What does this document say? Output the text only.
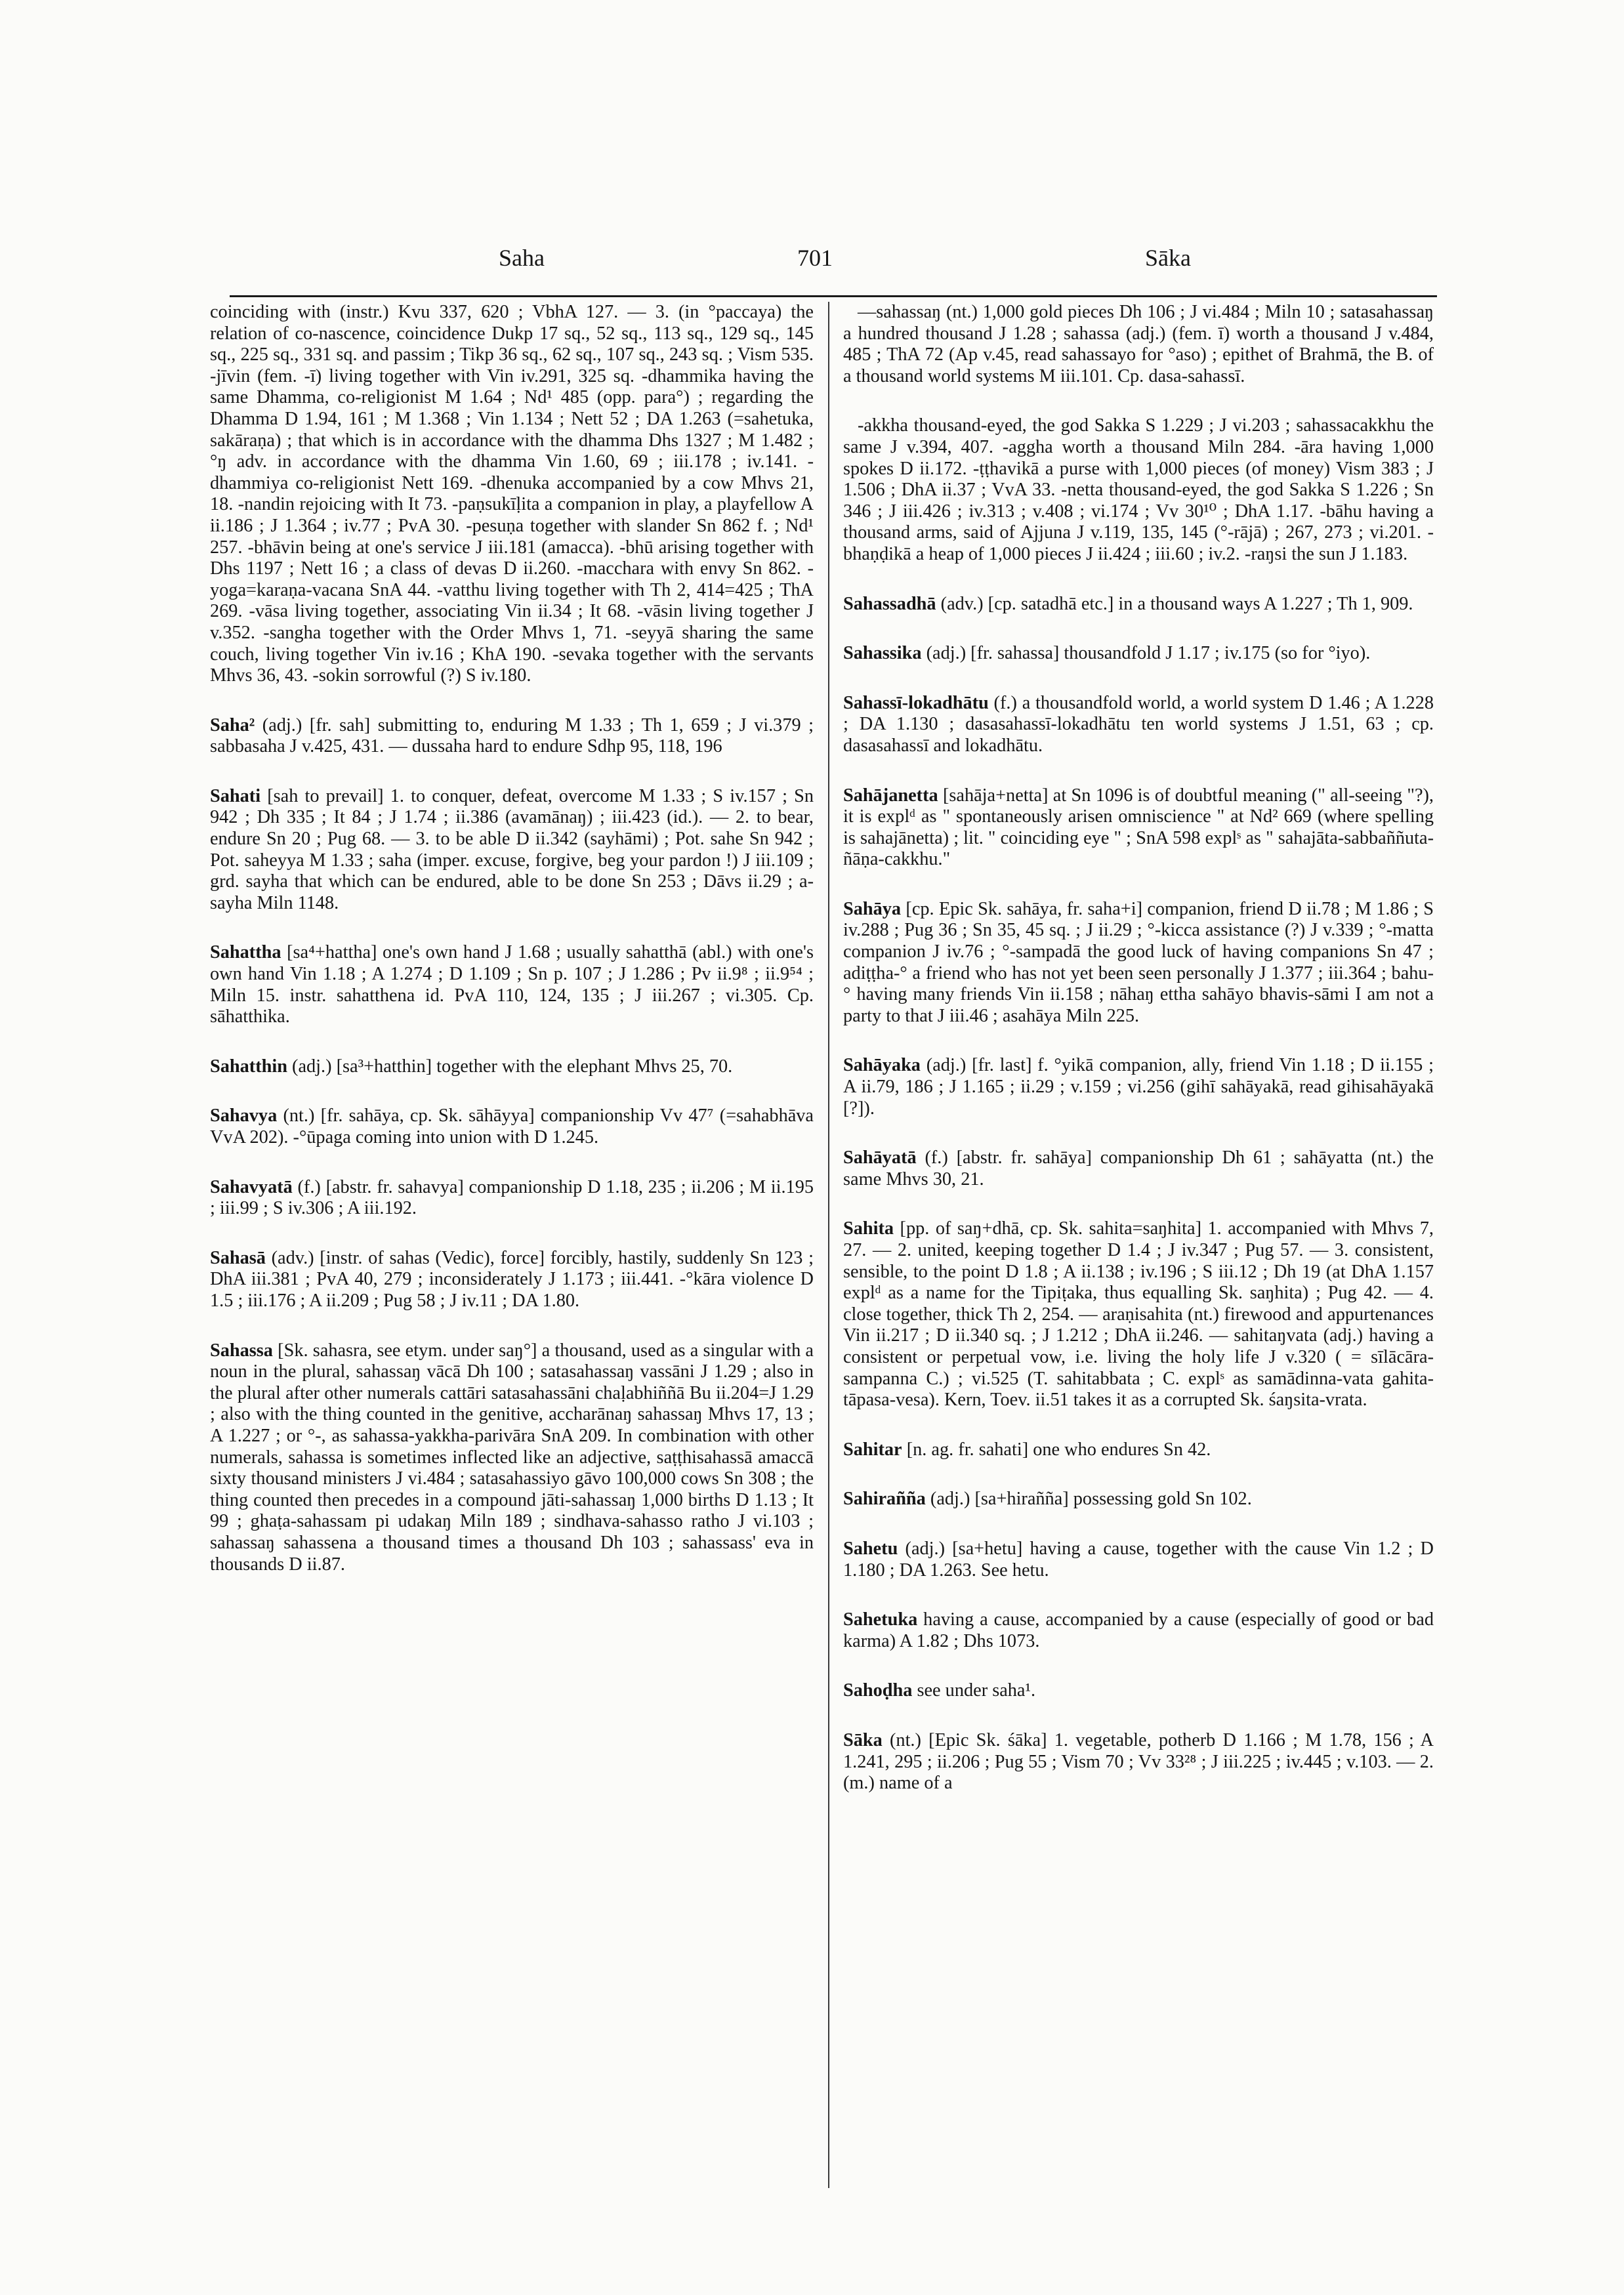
Saha	701	Sāka

coinciding with (instr.) Kvu 337, 620 ; VbhA 127. — 3. (in °paccaya) the relation of co-nascence, coincidence Dukp 17 sq., 52 sq., 113 sq., 129 sq., 145 sq., 225 sq., 331 sq. and passim ; Tikp 36 sq., 62 sq., 107 sq., 243 sq. ; Vism 535. -jīvin (fem. -ī) living together with Vin iv.291, 325 sq. -dhammika having the same Dhamma, co-religionist M 1.64 ; Nd¹ 485 (opp. para°) ; regarding the Dhamma D 1.94, 161 ; M 1.368 ; Vin 1.134 ; Nett 52 ; DA 1.263 (=sahetuka, sakāraṇa) ; that which is in accordance with the dhamma Dhs 1327 ; M 1.482 ; °ŋ adv. in accordance with the dhamma Vin 1.60, 69 ; iii.178 ; iv.141. -dhammiya co-religionist Nett 169. -dhenuka accompanied by a cow Mhvs 21, 18. -nandin rejoicing with It 73. -paṇsukīḷita a companion in play, a playfellow A ii.186 ; J 1.364 ; iv.77 ; PvA 30. -pesuṇa together with slander Sn 862 f. ; Nd¹ 257. -bhāvin being at one's service J iii.181 (amacca). -bhū arising together with Dhs 1197 ; Nett 16 ; a class of devas D ii.260. -macchara with envy Sn 862. -yoga=karaṇa-vacana SnA 44. -vatthu living together with Th 2, 414=425 ; ThA 269. -vāsa living together, associating Vin ii.34 ; It 68. -vāsin living together J v.352. -sangha together with the Order Mhvs 1, 71. -seyyā sharing the same couch, living together Vin iv.16 ; KhA 190. -sevaka together with the servants Mhvs 36, 43. -sokin sorrowful (?) S iv.180.

Saha² (adj.) [fr. sah] submitting to, enduring M 1.33 ; Th 1, 659 ; J vi.379 ; sabbasaha J v.425, 431. — dussaha hard to endure Sdhp 95, 118, 196

Sahati [sah to prevail] 1. to conquer, defeat, overcome M 1.33 ; S iv.157 ; Sn 942 ; Dh 335 ; It 84 ; J 1.74 ; ii.386 (avamānaŋ) ; iii.423 (id.). — 2. to bear, endure Sn 20 ; Pug 68. — 3. to be able D ii.342 (sayhāmi) ; Pot. sahe Sn 942 ; Pot. saheyya M 1.33 ; saha (imper. excuse, forgive, beg your pardon !) J iii.109 ; grd. sayha that which can be endured, able to be done Sn 253 ; Dāvs ii.29 ; a-sayha Miln 1148.

Sahattha [sa⁴+hattha] one's own hand J 1.68 ; usually sahatthā (abl.) with one's own hand Vin 1.18 ; A 1.274 ; D 1.109 ; Sn p. 107 ; J 1.286 ; Pv ii.9⁸ ; ii.9⁵⁴ ; Miln 15. instr. sahatthena id. PvA 110, 124, 135 ; J iii.267 ; vi.305. Cp. sāhatthika.

Sahatthin (adj.) [sa³+hatthin] together with the elephant Mhvs 25, 70.

Sahavya (nt.) [fr. sahāya, cp. Sk. sāhāyya] companionship Vv 47⁷ (=sahabhāva VvA 202). -°ūpaga coming into union with D 1.245.

Sahavyatā (f.) [abstr. fr. sahavya] companionship D 1.18, 235 ; ii.206 ; M ii.195 ; iii.99 ; S iv.306 ; A iii.192.

Sahasā (adv.) [instr. of sahas (Vedic), force] forcibly, hastily, suddenly Sn 123 ; DhA iii.381 ; PvA 40, 279 ; inconsiderately J 1.173 ; iii.441. -°kāra violence D 1.5 ; iii.176 ; A ii.209 ; Pug 58 ; J iv.11 ; DA 1.80.

Sahassa [Sk. sahasra, see etym. under saŋ°] a thousand, used as a singular with a noun in the plural, sahassaŋ vācā Dh 100 ; satasahassaŋ vassāni J 1.29 ; also in the plural after other numerals cattāri satasahassāni chaḷabhiññā Bu ii.204=J 1.29 ; also with the thing counted in the genitive, accharānaŋ sahassaŋ Mhvs 17, 13 ; A 1.227 ; or °-, as sahassa-yakkha-parivāra SnA 209. In combination with other numerals, sahassa is sometimes inflected like an adjective, saṭṭhisahassā amaccā sixty thousand ministers J vi.484 ; satasahassiyo gāvo 100,000 cows Sn 308 ; the thing counted then precedes in a compound jāti-sahassaŋ 1,000 births D 1.13 ; It 99 ; ghaṭa-sahassam pi udakaŋ Miln 189 ; sindhava-sahasso ratho J vi.103 ; sahassaŋ sahassena a thousand times a thousand Dh 103 ; sahassass' eva in thousands D ii.87.

—sahassaŋ (nt.) 1,000 gold pieces Dh 106 ; J vi.484 ; Miln 10 ; satasahassaŋ a hundred thousand J 1.28 ; sahassa (adj.) (fem. ī) worth a thousand J v.484, 485 ; ThA 72 (Ap v.45, read sahassayo for °aso) ; epithet of Brahmā, the B. of a thousand world systems M iii.101. Cp. dasa-sahassī.

-akkha thousand-eyed, the god Sakka S 1.229 ; J vi.203 ; sahassacakkhu the same J v.394, 407. -aggha worth a thousand Miln 284. -āra having 1,000 spokes D ii.172. -ṭṭhavikā a purse with 1,000 pieces (of money) Vism 383 ; J 1.506 ; DhA ii.37 ; VvA 33. -netta thousand-eyed, the god Sakka S 1.226 ; Sn 346 ; J iii.426 ; iv.313 ; v.408 ; vi.174 ; Vv 30¹⁰ ; DhA 1.17. -bāhu having a thousand arms, said of Ajjuna J v.119, 135, 145 (°-rājā) ; 267, 273 ; vi.201. -bhaṇḍikā a heap of 1,000 pieces J ii.424 ; iii.60 ; iv.2. -raŋsi the sun J 1.183.

Sahassadhā (adv.) [cp. satadhā etc.] in a thousand ways A 1.227 ; Th 1, 909.

Sahassika (adj.) [fr. sahassa] thousandfold J 1.17 ; iv.175 (so for °iyo).

Sahassī-lokadhātu (f.) a thousandfold world, a world system D 1.46 ; A 1.228 ; DA 1.130 ; dasasahassī-lokadhātu ten world systems J 1.51, 63 ; cp. dasasahassī and lokadhātu.

Sahājanetta [sahāja+netta] at Sn 1096 is of doubtful meaning (" all-seeing "?), it is explᵈ as " spontaneously arisen omniscience " at Nd² 669 (where spelling is sahajānetta) ; lit. " coinciding eye " ; SnA 598 explˢ as " sahajāta-sabbaññuta-ñāṇa-cakkhu."

Sahāya [cp. Epic Sk. sahāya, fr. saha+i] companion, friend D ii.78 ; M 1.86 ; S iv.288 ; Pug 36 ; Sn 35, 45 sq. ; J ii.29 ; °-kicca assistance (?) J v.339 ; °-matta companion J iv.76 ; °-sampadā the good luck of having companions Sn 47 ; adiṭṭha-° a friend who has not yet been seen personally J 1.377 ; iii.364 ; bahu-° having many friends Vin ii.158 ; nāhaŋ ettha sahāyo bhavis-sāmi I am not a party to that J iii.46 ; asahāya Miln 225.

Sahāyaka (adj.) [fr. last] f. °yikā companion, ally, friend Vin 1.18 ; D ii.155 ; A ii.79, 186 ; J 1.165 ; ii.29 ; v.159 ; vi.256 (gihī sahāyakā, read gihisahāyakā [?]).

Sahāyatā (f.) [abstr. fr. sahāya] companionship Dh 61 ; sahāyatta (nt.) the same Mhvs 30, 21.

Sahita [pp. of saŋ+dhā, cp. Sk. sahita=saŋhita] 1. accompanied with Mhvs 7, 27. — 2. united, keeping together D 1.4 ; J iv.347 ; Pug 57. — 3. consistent, sensible, to the point D 1.8 ; A ii.138 ; iv.196 ; S iii.12 ; Dh 19 (at DhA 1.157 explᵈ as a name for the Tipiṭaka, thus equalling Sk. saŋhita) ; Pug 42. — 4. close together, thick Th 2, 254. — araṇisahita (nt.) firewood and appurtenances Vin ii.217 ; D ii.340 sq. ; J 1.212 ; DhA ii.246. — sahitaŋvata (adj.) having a consistent or perpetual vow, i.e. living the holy life J v.320 ( = sīlācāra-sampanna C.) ; vi.525 (T. sahitabbata ; C. explˢ as samādinna-vata gahita-tāpasa-vesa). Kern, Toev. ii.51 takes it as a corrupted Sk. śaŋsita-vrata.

Sahitar [n. ag. fr. sahati] one who endures Sn 42.

Sahirañña (adj.) [sa+hirañña] possessing gold Sn 102.

Sahetu (adj.) [sa+hetu] having a cause, together with the cause Vin 1.2 ; D 1.180 ; DA 1.263. See hetu.

Sahetuka having a cause, accompanied by a cause (especially of good or bad karma) A 1.82 ; Dhs 1073.

Sahoḍha see under saha¹.

Sāka (nt.) [Epic Sk. śāka] 1. vegetable, potherb D 1.166 ; M 1.78, 156 ; A 1.241, 295 ; ii.206 ; Pug 55 ; Vism 70 ; Vv 33²⁸ ; J iii.225 ; iv.445 ; v.103. — 2. (m.) name of a
